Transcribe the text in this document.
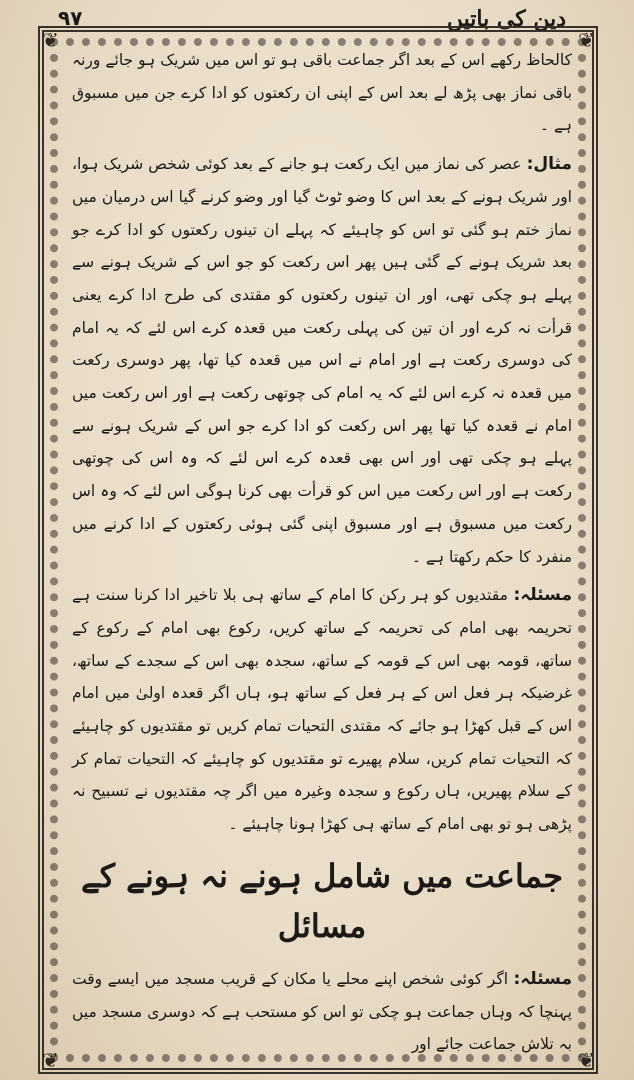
دین کی باتیں
۹۷
❦	❦
❦	❦

کالحاظ رکھے اس کے بعد اگر جماعت باقی ہو تو اس میں شریک ہو جائے ورنہ باقی نماز بھی پڑھ لے بعد اس کے اپنی ان رکعتوں کو ادا کرے جن میں مسبوق ہے ۔

مثال: عصر کی نماز میں ایک رکعت ہو جانے کے بعد کوئی شخص شریک ہوا، اور شریک ہونے کے بعد اس کا وضو ٹوٹ گیا اور وضو کرنے گیا اس درمیان میں نماز ختم ہو گئی تو اس کو چاہیئے کہ پہلے ان تینوں رکعتوں کو ادا کرے جو بعد شریک ہونے کے گئی ہیں پھر اس رکعت کو جو اس کے شریک ہونے سے پہلے ہو چکی تھی، اور ان تینوں رکعتوں کو مقتدی کی طرح ادا کرے یعنی قرأت نہ کرے اور ان تین کی پہلی رکعت میں قعدہ کرے اس لئے کہ یہ امام کی دوسری رکعت ہے اور امام نے اس میں قعدہ کیا تھا، پھر دوسری رکعت میں قعدہ نہ کرے اس لئے کہ یہ امام کی چوتھی رکعت ہے اور اس رکعت میں امام نے قعدہ کیا تھا پھر اس رکعت کو ادا کرے جو اس کے شریک ہونے سے پہلے ہو چکی تھی اور اس بھی قعدہ کرے اس لئے کہ وہ اس کی چوتھی رکعت ہے اور اس رکعت میں اس کو قرأت بھی کرنا ہوگی اس لئے کہ وہ اس رکعت میں مسبوق ہے اور مسبوق اپنی گئی ہوئی رکعتوں کے ادا کرنے میں منفرد کا حکم رکھتا ہے ۔

مسئلہ: مقتدیوں کو ہر رکن کا امام کے ساتھ ہی بلا تاخیر ادا کرنا سنت ہے تحریمہ بھی امام کی تحریمہ کے ساتھ کریں، رکوع بھی امام کے رکوع کے ساتھ، قومہ بھی اس کے قومہ کے ساتھ، سجدہ بھی اس کے سجدے کے ساتھ، غرضیکہ ہر فعل اس کے ہر فعل کے ساتھ ہو، ہاں اگر قعدہ اولیٰ میں امام اس کے قبل کھڑا ہو جائے کہ مقتدی التحیات تمام کریں تو مقتدیوں کو چاہیئے کہ التحیات تمام کریں، سلام پھیرے تو مقتدیوں کو چاہیئے کہ التحیات تمام کر کے سلام پھیریں، ہاں رکوع و سجدہ وغیرہ میں اگر چہ مقتدیوں نے تسبیح نہ پڑھی ہو تو بھی امام کے ساتھ ہی کھڑا ہونا چاہیئے ۔

جماعت میں شامل ہونے نہ ہونے کے مسائل

مسئلہ: اگر کوئی شخص اپنے محلے یا مکان کے قریب مسجد میں ایسے وقت پہنچا کہ وہاں جماعت ہو چکی تو اس کو مستحب ہے کہ دوسری مسجد میں بہ تلاش جماعت جائے اور
